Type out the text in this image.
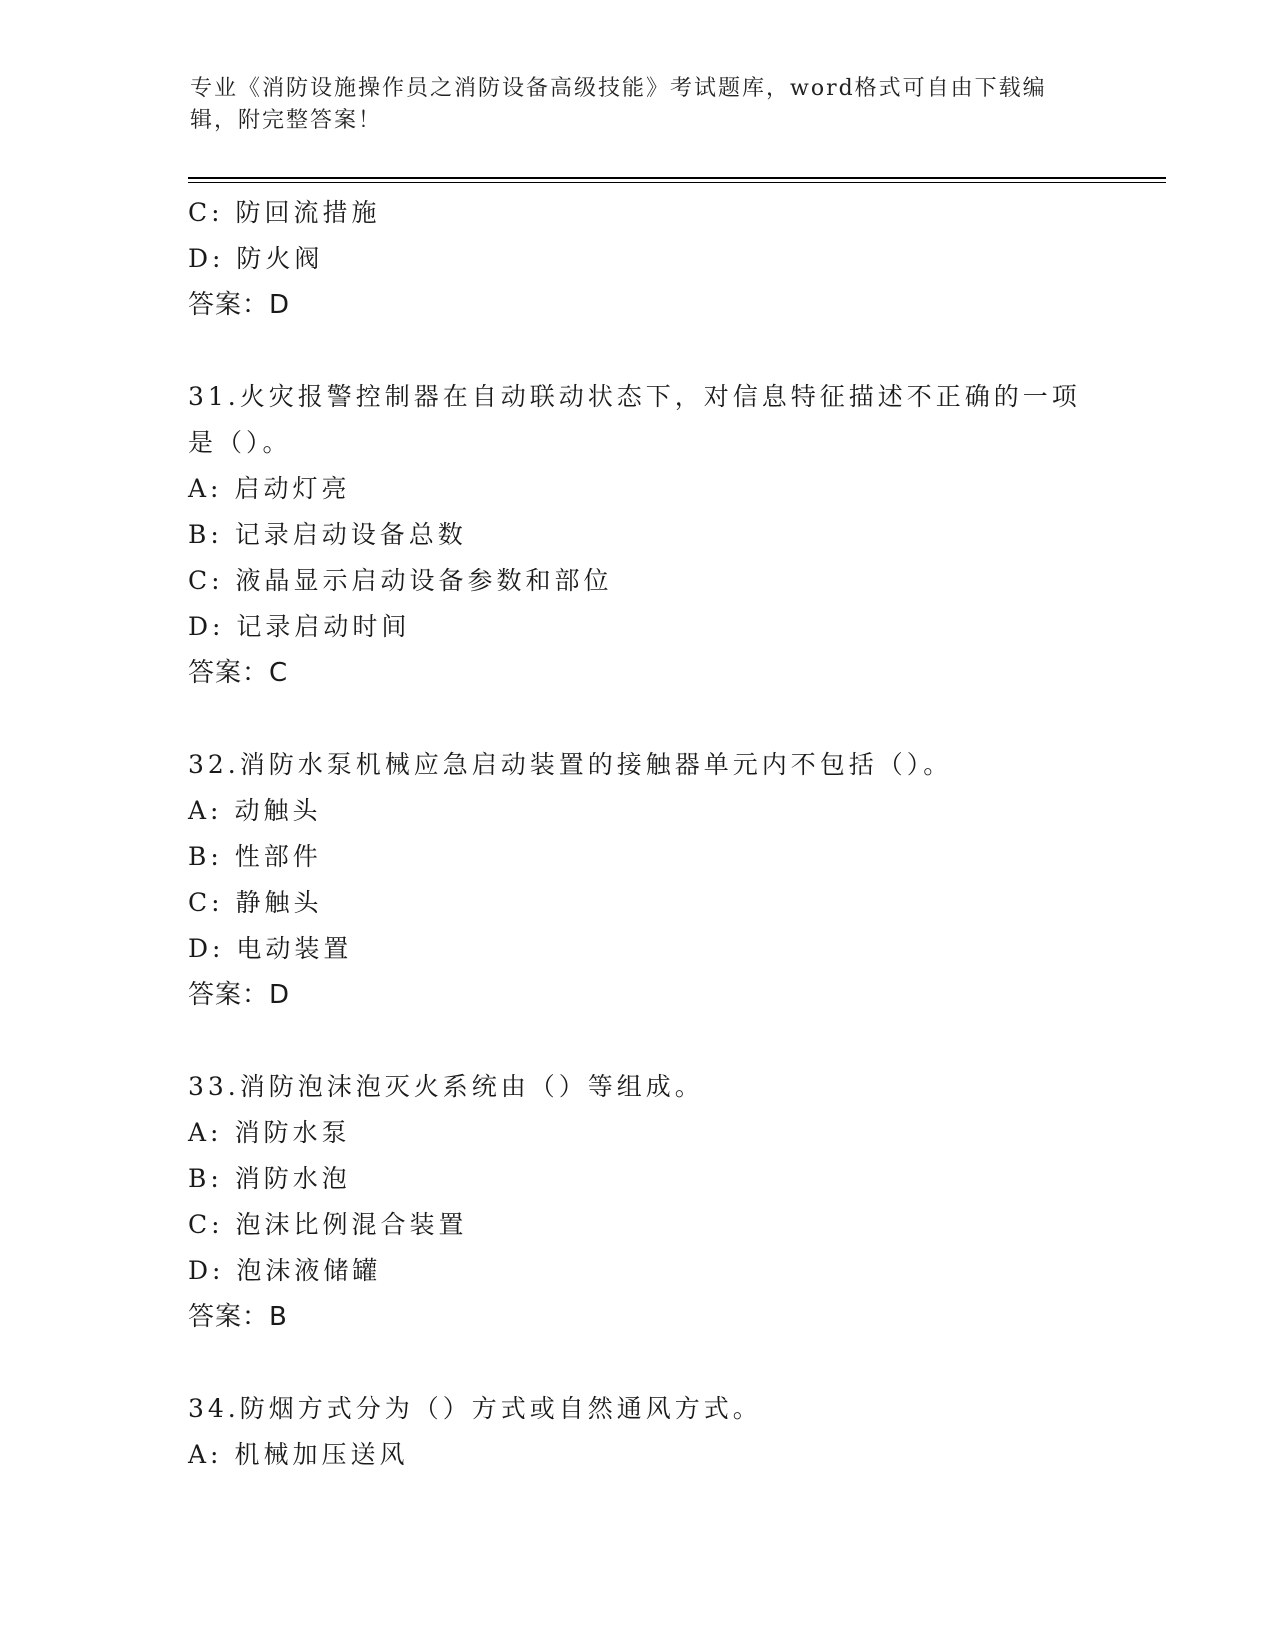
专业《消防设施操作员之消防设备高级技能》考试题库，word格式可自由下载编
辑，附完整答案！
C: 防回流措施
D: 防火阀
答案：D
31.火灾报警控制器在自动联动状态下，对信息特征描述不正确的一项
是（）。
A: 启动灯亮
B: 记录启动设备总数
C: 液晶显示启动设备参数和部位
D: 记录启动时间
答案：C
32.消防水泵机械应急启动装置的接触器单元内不包括（）。
A: 动触头
B: 性部件
C: 静触头
D: 电动装置
答案：D
33.消防泡沫泡灭火系统由（）等组成。
A: 消防水泵
B: 消防水泡
C: 泡沫比例混合装置
D: 泡沫液储罐
答案：B
34.防烟方式分为（）方式或自然通风方式。
A: 机械加压送风
